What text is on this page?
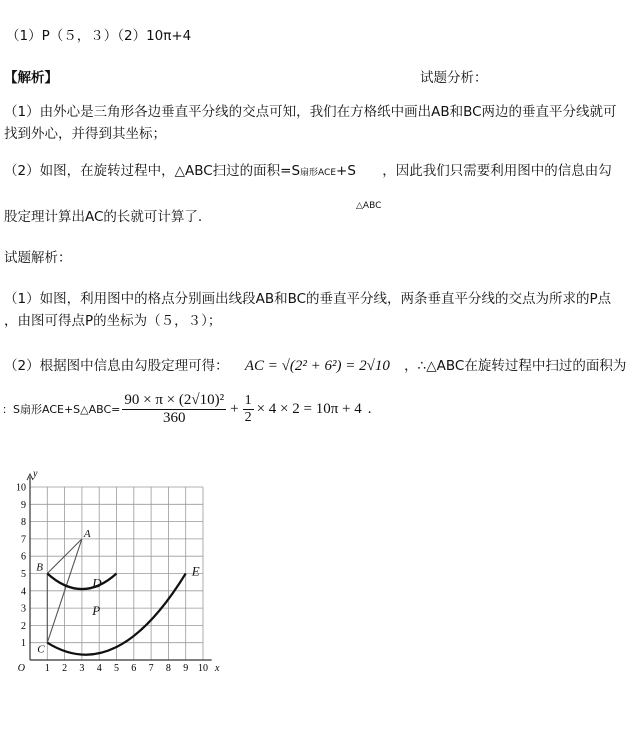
（1）P（５，３）（2）10π+4
【解析】	试题分析：
（1）由外心是三角形各边垂直平分线的交点可知，我们在方格纸中画出AB和BC两边的垂直平分线就可
找到外心，并得到其坐标；
（2）如图，在旋转过程中，△ABC扫过的面积=S扇形ACE+S ，因此我们只需要利用图中的信息由勾
△ABC
股定理计算出AC的长就可计算了.
试题解析：
（1）如图，利用图中的格点分别画出线段AB和BC的垂直平分线，两条垂直平分线的交点为所求的P点
，由图可得点P的坐标为（５，３）；
（2）根据图中信息由勾股定理可得： AC = √(2² + 6²) = 2√10 ，∴△ABC在旋转过程中扫过的面积为
：S扇形ACE+S△ABC= $\frac{\text{90 × π × (2√10)²}}{360} + \frac{1}{2} \times 4 \times 2 = 10\pi + 4$ .
1 2 3 4 5 6 7 8 9 10
1
2
3
4
5
6
7
8
9
10
O	x
y
A
B
C
D
E
P
